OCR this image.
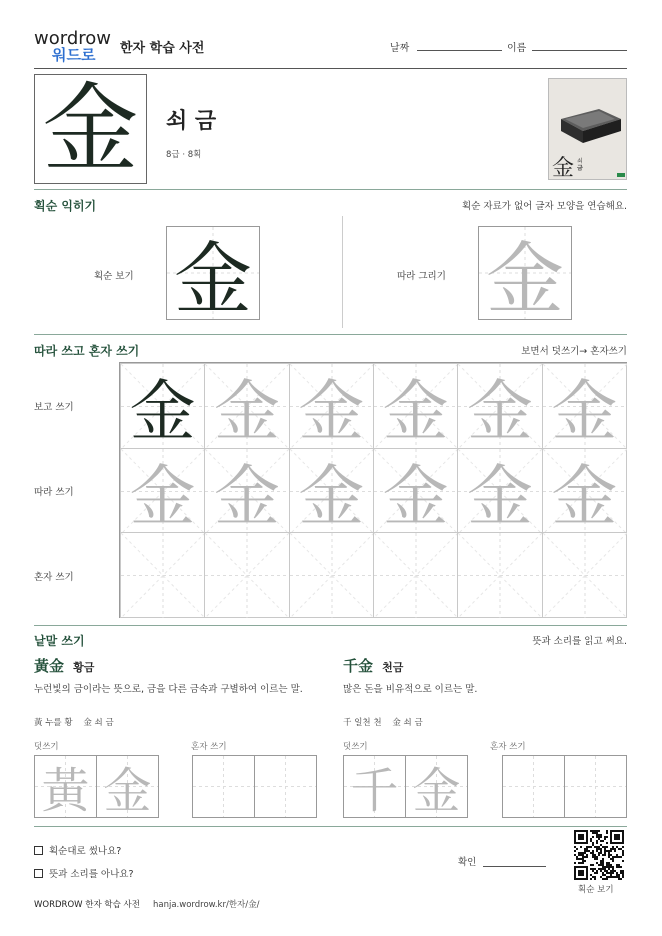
wordrow
워드로	한자 학습 사전	날짜	이름
金 쇠 금
8급 · 8획
金 쇠
금
획순 익히기	획순 자료가 없어 글자 모양을 연습해요.
획순 보기 金	따라 그리기 金
따라 쓰고 혼자 쓰기	보면서 덧쓰기→ 혼자쓰기
보고 쓰기
따라 쓰기
혼자 쓰기
金 金 金 金 金 金
金 金 金 金 金 金
낱말 쓰기	뜻과 소리를 읽고 써요.
黃金 황금
누런빛의 금이라는 뜻으로, 금을 다른 금속과 구별하여 이르는 말.
黃 누를 황    金 쇠 금
덧쓰기	혼자 쓰기
千金 천금
많은 돈을 비유적으로 이르는 말.
千 일천 천    金 쇠 금
덧쓰기	혼자 쓰기
黃 金	千 金
획순대로 썼나요?
뜻과 소리를 아나요?
확인
획순 보기
WORDROW 한자 학습 사전 hanja.wordrow.kr/한자/金/
